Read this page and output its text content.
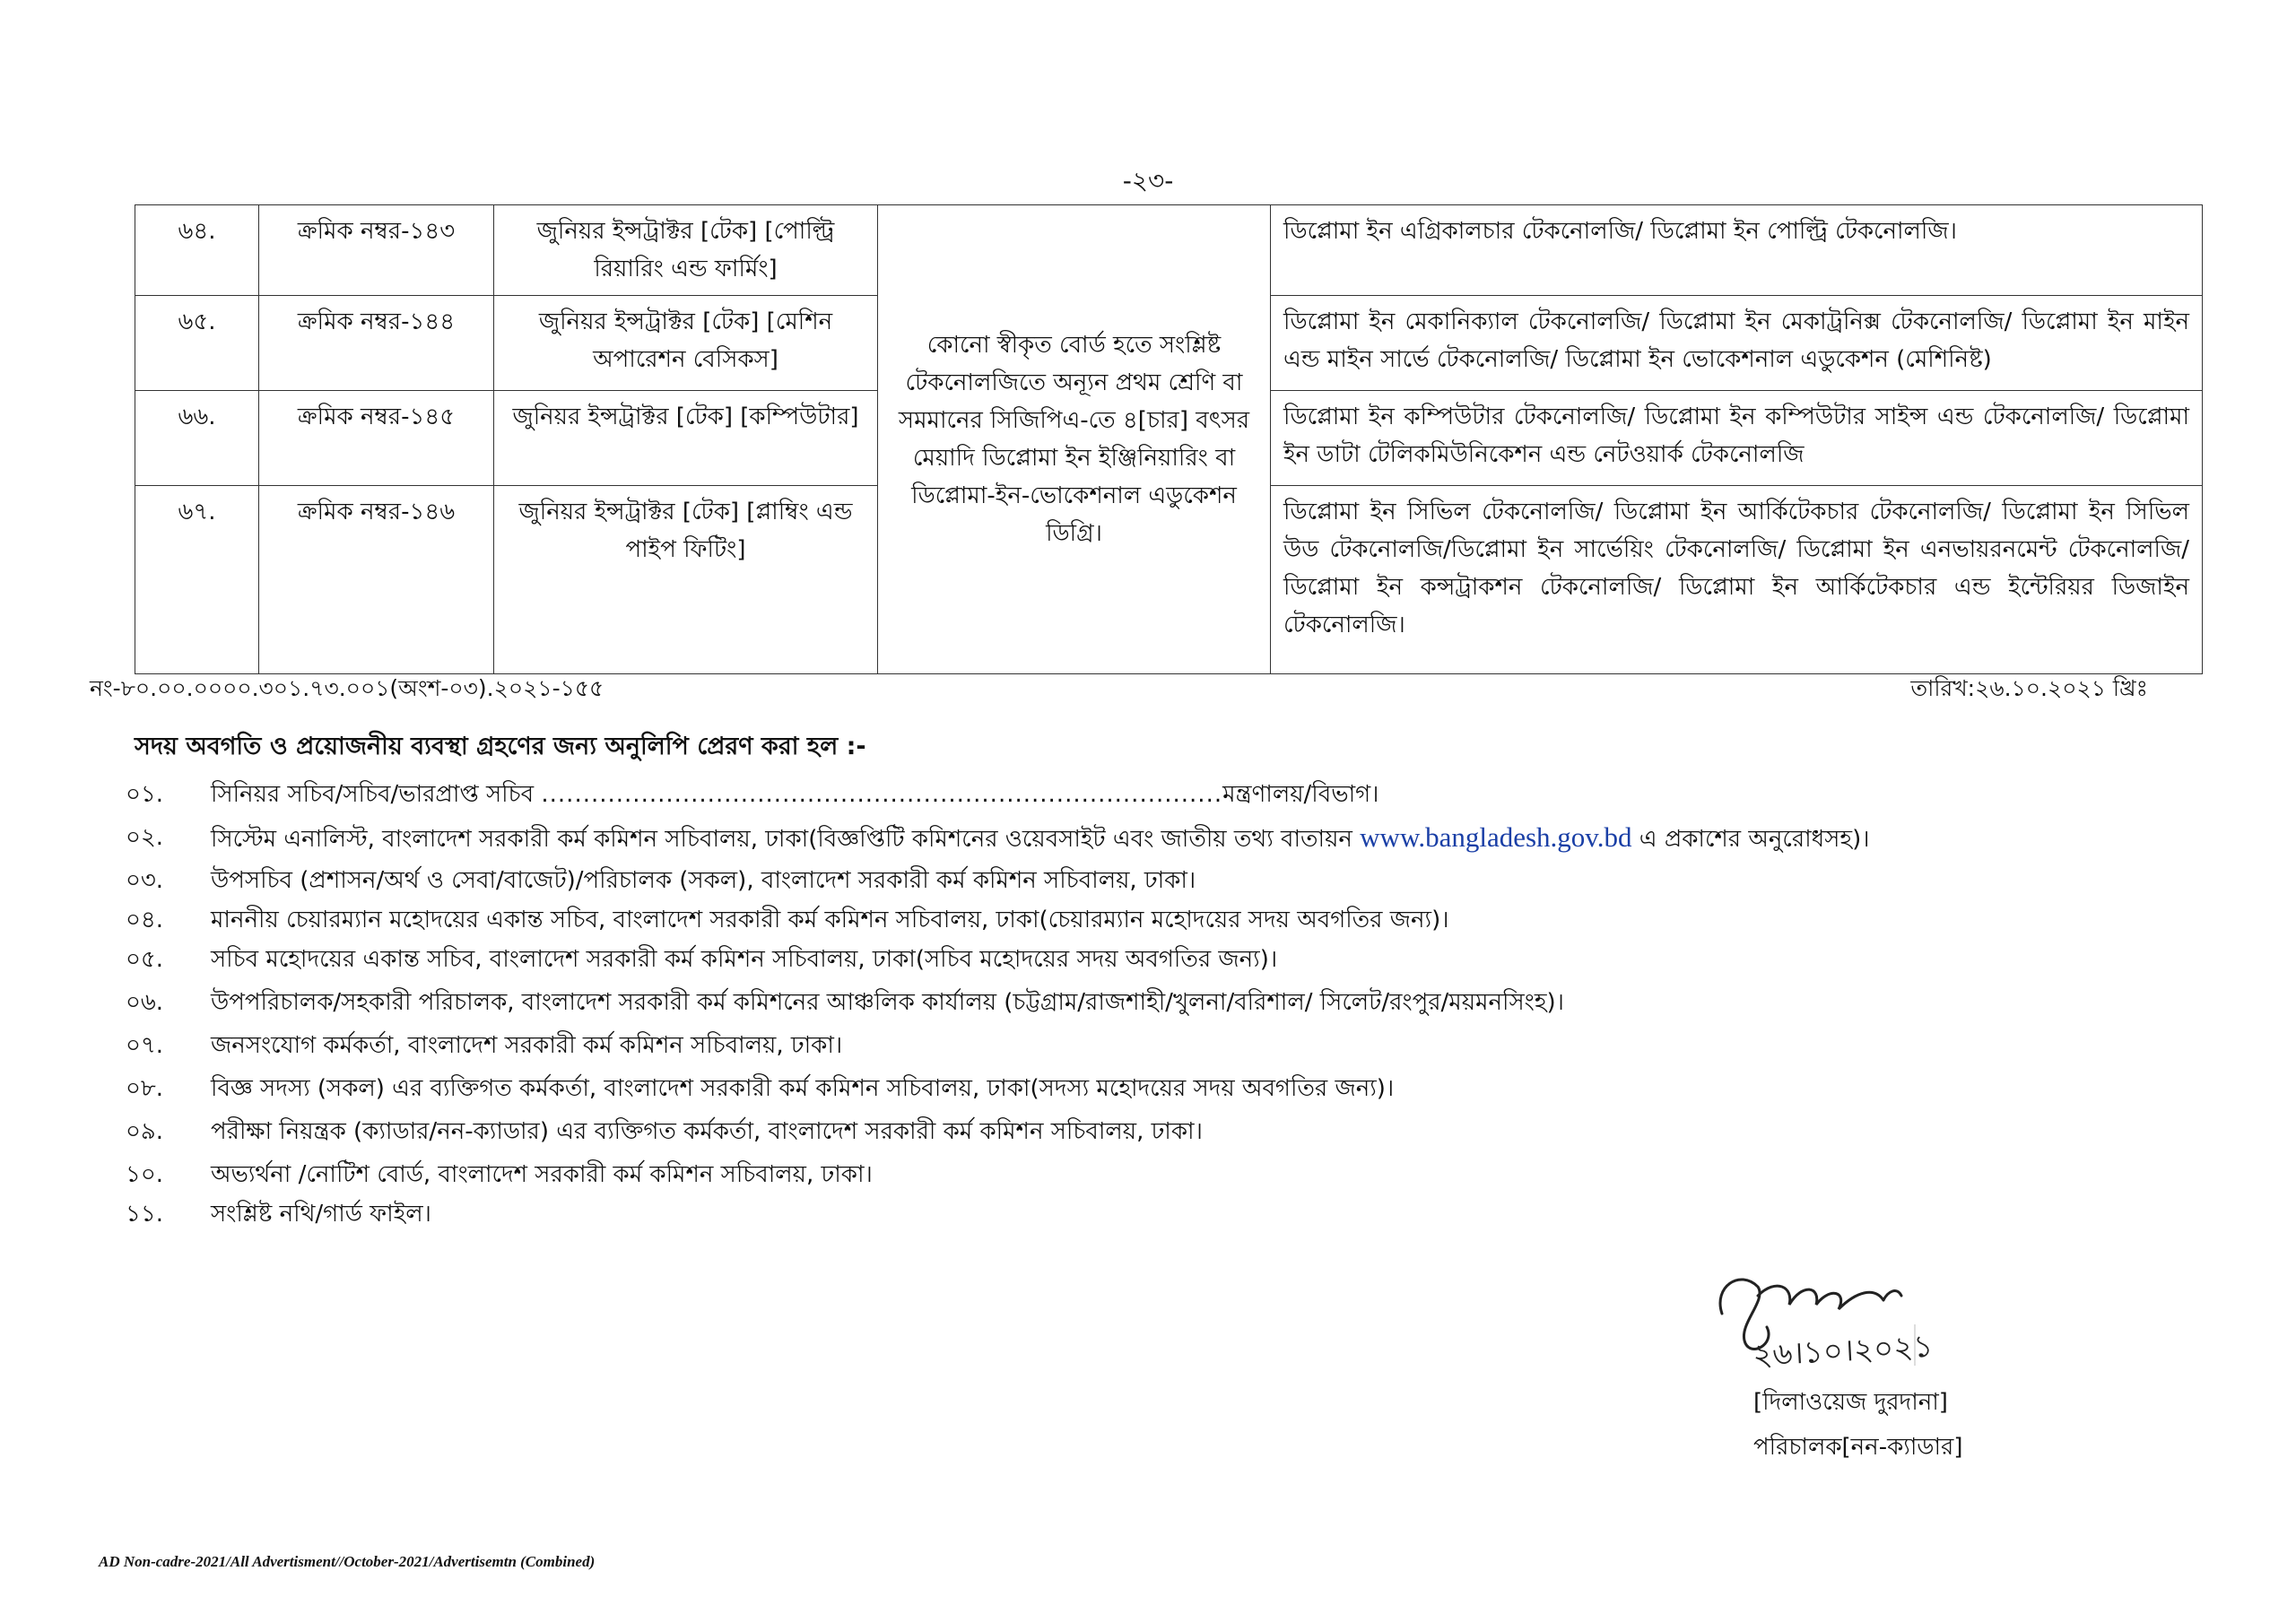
-২৩-
৬৪.	ক্রমিক নম্বর-১৪৩	জুনিয়র ইন্সট্রাক্টর [টেক] [পোল্ট্রি রিয়ারিং এন্ড ফার্মিং]	কোনো স্বীকৃত বোর্ড হতে সংশ্লিষ্ট টেকনোলজিতে অন্যূন প্রথম শ্রেণি বা সমমানের সিজিপিএ-তে ৪[চার] বৎসর মেয়াদি ডিপ্লোমা ইন ইঞ্জিনিয়ারিং বা ডিপ্লোমা-ইন-ভোকেশনাল এডুকেশন ডিগ্রি।	ডিপ্লোমা ইন এগ্রিকালচার টেকনোলজি/ ডিপ্লোমা ইন পোল্ট্রি টেকনোলজি।
৬৫.	ক্রমিক নম্বর-১৪৪	জুনিয়র ইন্সট্রাক্টর [টেক] [মেশিন অপারেশন বেসিকস]		ডিপ্লোমা ইন মেকানিক্যাল টেকনোলজি/ ডিপ্লোমা ইন মেকাট্রনিক্স টেকনোলজি/ ডিপ্লোমা ইন মাইন এন্ড মাইন সার্ভে টেকনোলজি/ ডিপ্লোমা ইন ভোকেশনাল এডুকেশন (মেশিনিষ্ট)
৬৬.	ক্রমিক নম্বর-১৪৫	জুনিয়র ইন্সট্রাক্টর [টেক] [কম্পিউটার]		ডিপ্লোমা ইন কম্পিউটার টেকনোলজি/ ডিপ্লোমা ইন কম্পিউটার সাইন্স এন্ড টেকনোলজি/ ডিপ্লোমা ইন ডাটা টেলিকমিউনিকেশন এন্ড নেটওয়ার্ক টেকনোলজি
৬৭.	ক্রমিক নম্বর-১৪৬	জুনিয়র ইন্সট্রাক্টর [টেক] [প্লাম্বিং এন্ড পাইপ ফিটিং]		ডিপ্লোমা ইন সিভিল টেকনোলজি/ ডিপ্লোমা ইন আর্কিটেকচার টেকনোলজি/ ডিপ্লোমা ইন সিভিল উড টেকনোলজি/ডিপ্লোমা ইন সার্ভেয়িং টেকনোলজি/ ডিপ্লোমা ইন এনভায়রনমেন্ট টেকনোলজি/ডিপ্লোমা ইন কন্সট্রাকশন টেকনোলজি/ ডিপ্লোমা ইন আর্কিটেকচার এন্ড ইন্টেরিয়র ডিজাইন টেকনোলজি।
নং-৮০.০০.০০০০.৩০১.৭৩.০০১(অংশ-০৩).২০২১-১৫৫	তারিখ:২৬.১০.২০২১ খ্রিঃ
সদয় অবগতি ও প্রয়োজনীয় ব্যবস্থা গ্রহণের জন্য অনুলিপি প্রেরণ করা হল :-
০১.	সিনিয়র সচিব/সচিব/ভারপ্রাপ্ত সচিব ..................................................................................মন্ত্রণালয়/বিভাগ।
০২.	সিস্টেম এনালিস্ট, বাংলাদেশ সরকারী কর্ম কমিশন সচিবালয়, ঢাকা(বিজ্ঞপ্তিটি কমিশনের ওয়েবসাইট এবং জাতীয় তথ্য বাতায়ন www.bangladesh.gov.bd এ প্রকাশের অনুরোধসহ)।
০৩.	উপসচিব (প্রশাসন/অর্থ ও সেবা/বাজেট)/পরিচালক (সকল), বাংলাদেশ সরকারী কর্ম কমিশন সচিবালয়, ঢাকা।
০৪.	মাননীয় চেয়ারম্যান মহোদয়ের একান্ত সচিব, বাংলাদেশ সরকারী কর্ম কমিশন সচিবালয়, ঢাকা(চেয়ারম্যান মহোদয়ের সদয় অবগতির জন্য)।
০৫.	সচিব মহোদয়ের একান্ত সচিব, বাংলাদেশ সরকারী কর্ম কমিশন সচিবালয়, ঢাকা(সচিব মহোদয়ের সদয় অবগতির জন্য)।
০৬.	উপপরিচালক/সহকারী পরিচালক, বাংলাদেশ সরকারী কর্ম কমিশনের আঞ্চলিক কার্যালয় (চট্টগ্রাম/রাজশাহী/খুলনা/বরিশাল/ সিলেট/রংপুর/ময়মনসিংহ)।
০৭.	জনসংযোগ কর্মকর্তা, বাংলাদেশ সরকারী কর্ম কমিশন সচিবালয়, ঢাকা।
০৮.	বিজ্ঞ সদস্য (সকল) এর ব্যক্তিগত কর্মকর্তা, বাংলাদেশ সরকারী কর্ম কমিশন সচিবালয়, ঢাকা(সদস্য মহোদয়ের সদয় অবগতির জন্য)।
০৯.	পরীক্ষা নিয়ন্ত্রক (ক্যাডার/নন-ক্যাডার) এর ব্যক্তিগত কর্মকর্তা, বাংলাদেশ সরকারী কর্ম কমিশন সচিবালয়, ঢাকা।
১০.	অভ্যর্থনা /নোটিশ বোর্ড, বাংলাদেশ সরকারী কর্ম কমিশন সচিবালয়, ঢাকা।
১১.	সংশ্লিষ্ট নথি/গার্ড ফাইল।
২৬।১০।২০২১
[দিলাওয়েজ দুরদানা]
পরিচালক[নন-ক্যাডার]
AD Non-cadre-2021/All Advertisment//October-2021/Advertisemtn (Combined)
